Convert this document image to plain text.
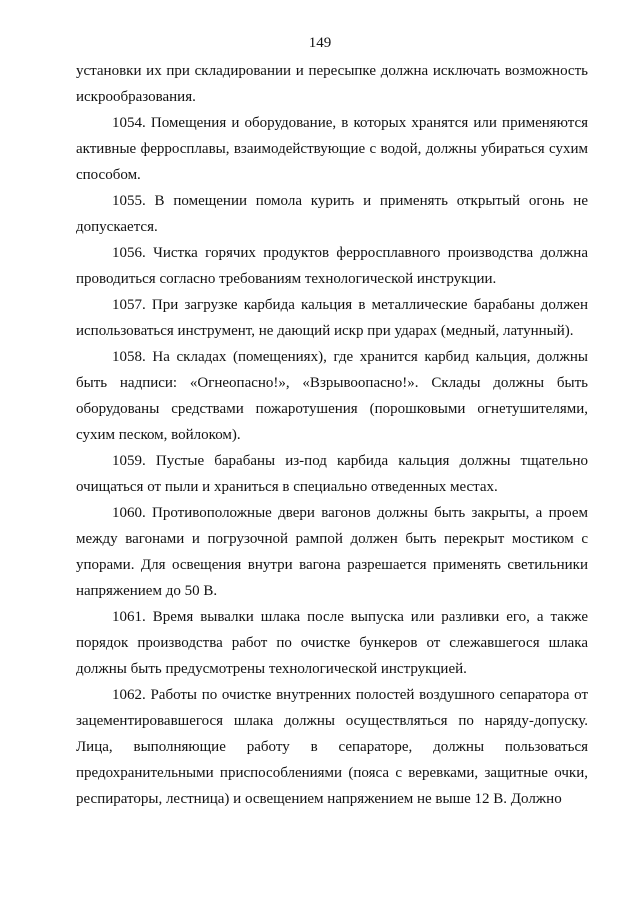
149

установки их при складировании и пересыпке должна исключать возможность искрообразования.

1054. Помещения и оборудование, в которых хранятся или применяются активные ферросплавы, взаимодействующие с водой, должны убираться сухим способом.

1055. В помещении помола курить и применять открытый огонь не допускается.

1056. Чистка горячих продуктов ферросплавного производства должна проводиться согласно требованиям технологической инструкции.

1057. При загрузке карбида кальция в металлические барабаны должен использоваться инструмент, не дающий искр при ударах (медный, латунный).

1058. На складах (помещениях), где хранится карбид кальция, должны быть надписи: «Огнеопасно!», «Взрывоопасно!». Склады должны быть оборудованы средствами пожаротушения (порошковыми огнетушителями, сухим песком, войлоком).

1059. Пустые барабаны из-под карбида кальция должны тщательно очищаться от пыли и храниться в специально отведенных местах.

1060. Противоположные двери вагонов должны быть закрыты, а проем между вагонами и погрузочной рампой должен быть перекрыт мостиком с упорами. Для освещения внутри вагона разрешается применять светильники напряжением до 50 В.

1061. Время вывалки шлака после выпуска или разливки его, а также порядок производства работ по очистке бункеров от слежавшегося шлака должны быть предусмотрены технологической инструкцией.

1062. Работы по очистке внутренних полостей воздушного сепаратора от зацементировавшегося шлака должны осуществляться по наряду-допуску. Лица, выполняющие работу в сепараторе, должны пользоваться предохранительными приспособлениями (пояса с веревками, защитные очки, респираторы, лестница) и освещением напряжением не выше 12 В. Должно
